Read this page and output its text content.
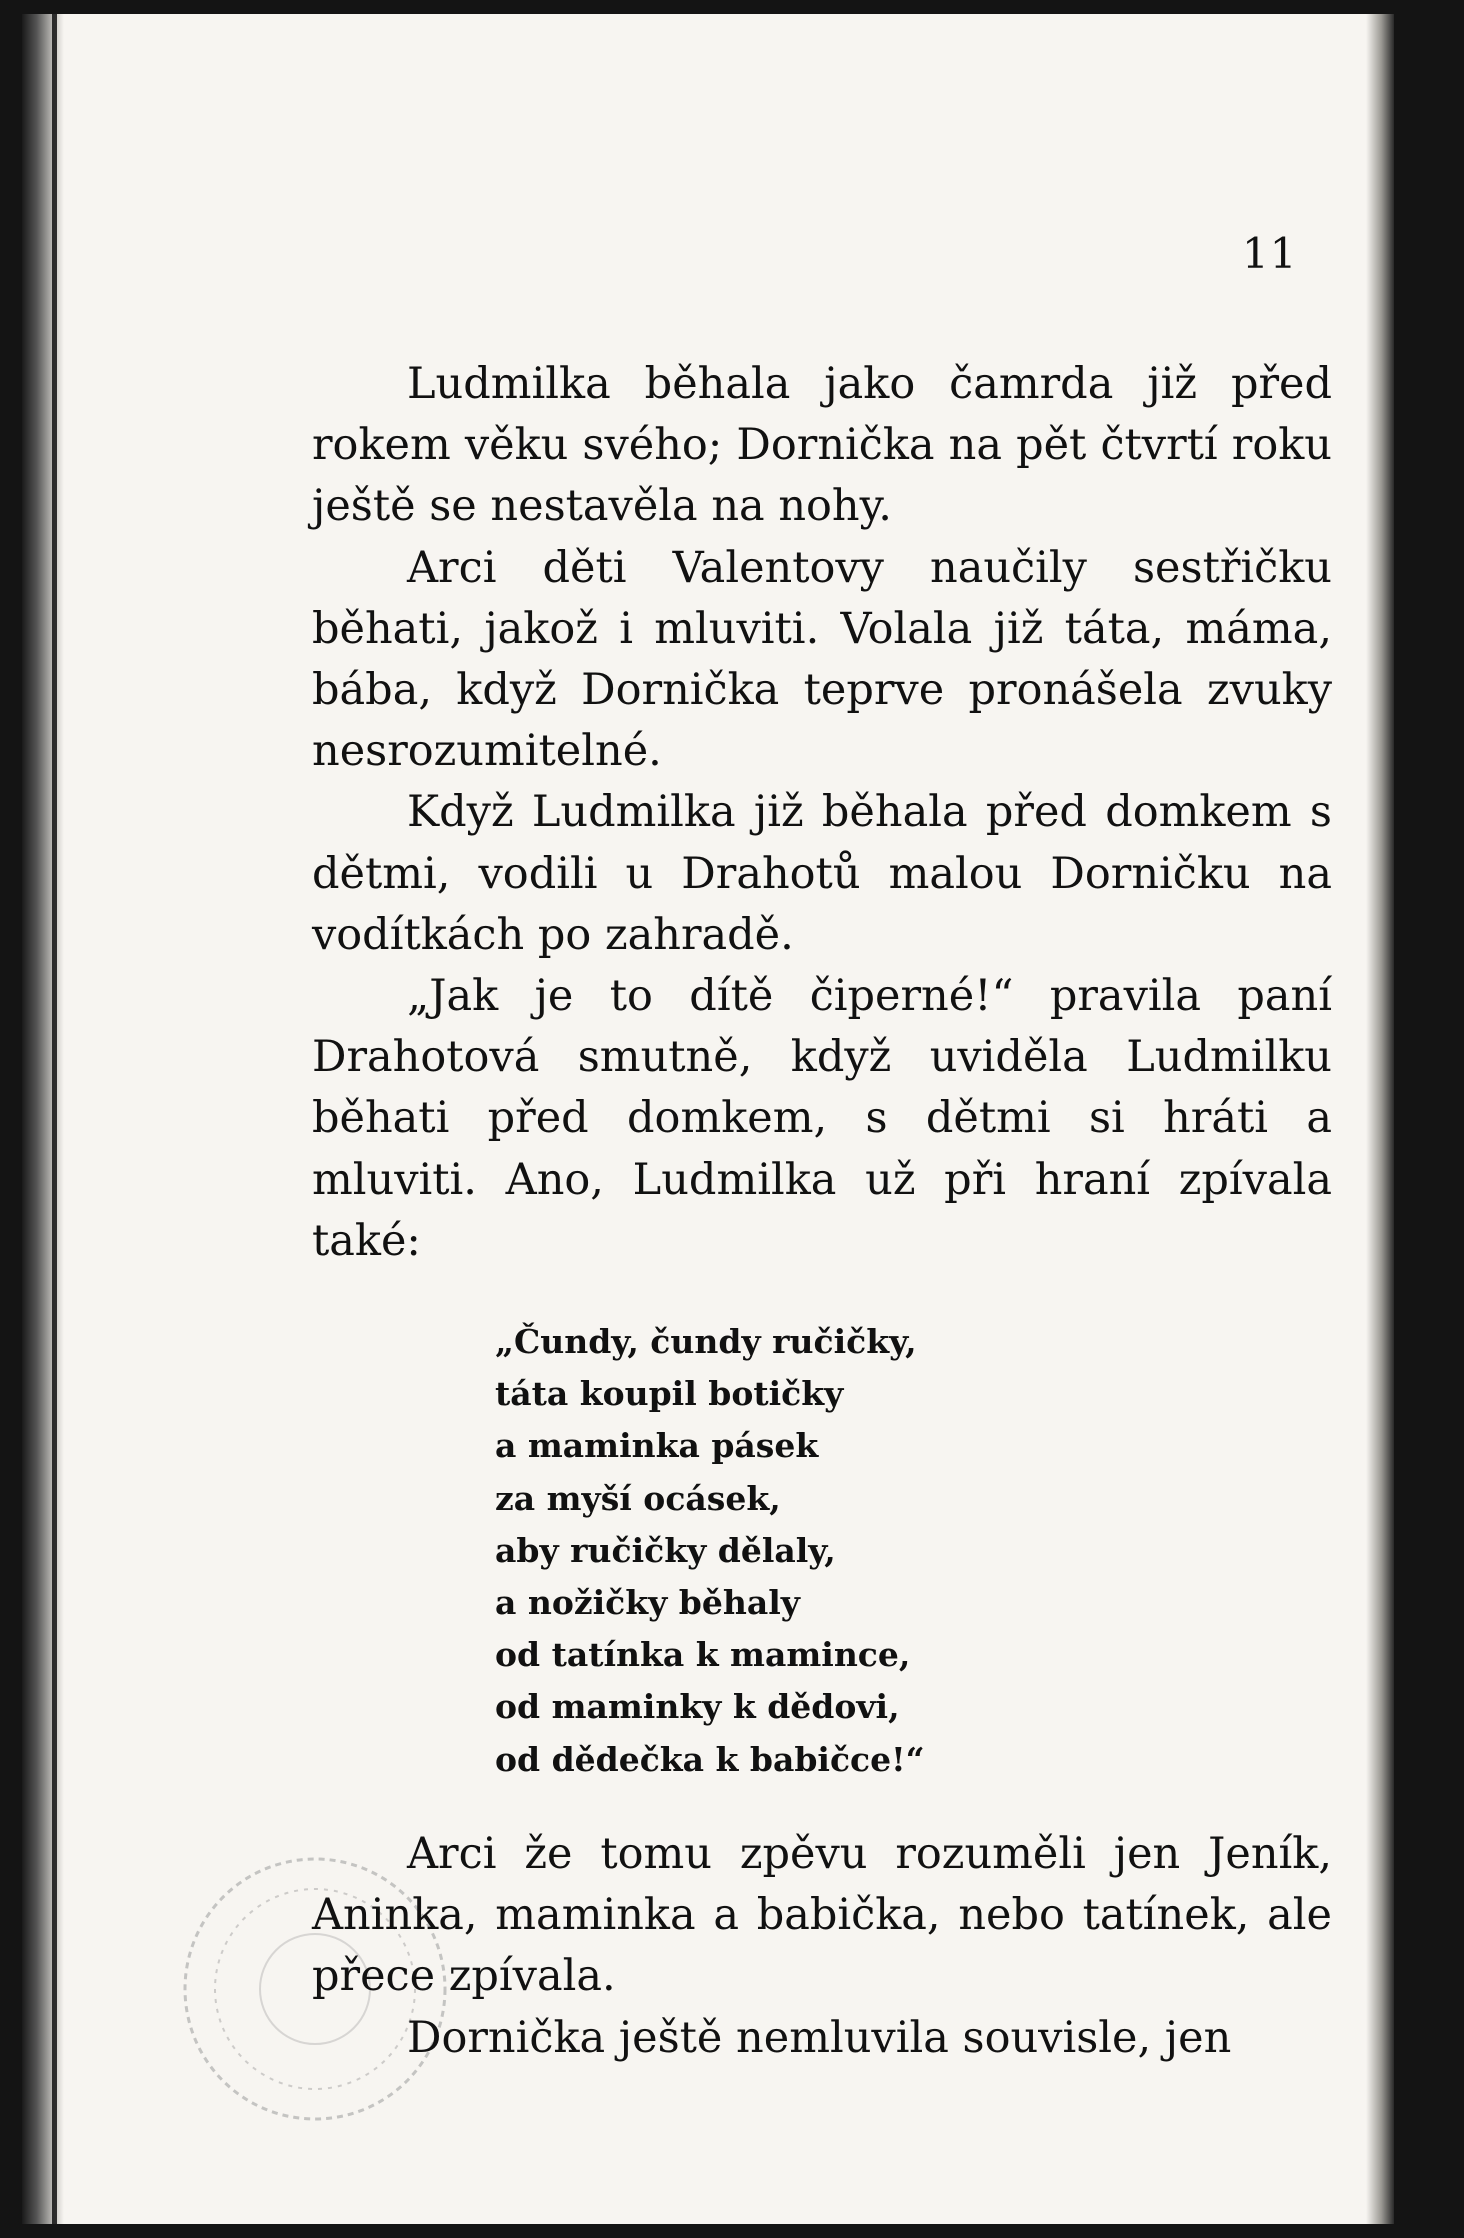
11

Ludmilka běhala jako čamrda již před rokem věku svého; Dornička na pět čtvrtí roku ještě se nestavěla na nohy.

Arci děti Valentovy naučily sestřičku běhati, jakož i mluviti. Volala již táta, máma, bába, když Dornička teprve pronášela zvuky nesrozumitelné.

Když Ludmilka již běhala před domkem s dětmi, vodili u Drahotů malou Dorničku na vodítkách po zahradě.

„Jak je to dítě čiperné!“ pravila paní Drahotová smutně, když uviděla Ludmilku běhati před domkem, s dětmi si hráti a mluviti. Ano, Ludmilka už při hraní zpívala také:

„Čundy, čundy ručičky,
táta koupil botičky
a maminka pásek
za myší ocásek,
aby ručičky dělaly,
a nožičky běhaly
od tatínka k mamince,
od maminky k dědovi,
od dědečka k babičce!“

Arci že tomu zpěvu rozuměli jen Jeník, Aninka, maminka a babička, nebo tatínek, ale přece zpívala.

Dornička ještě nemluvila souvisle, jen
